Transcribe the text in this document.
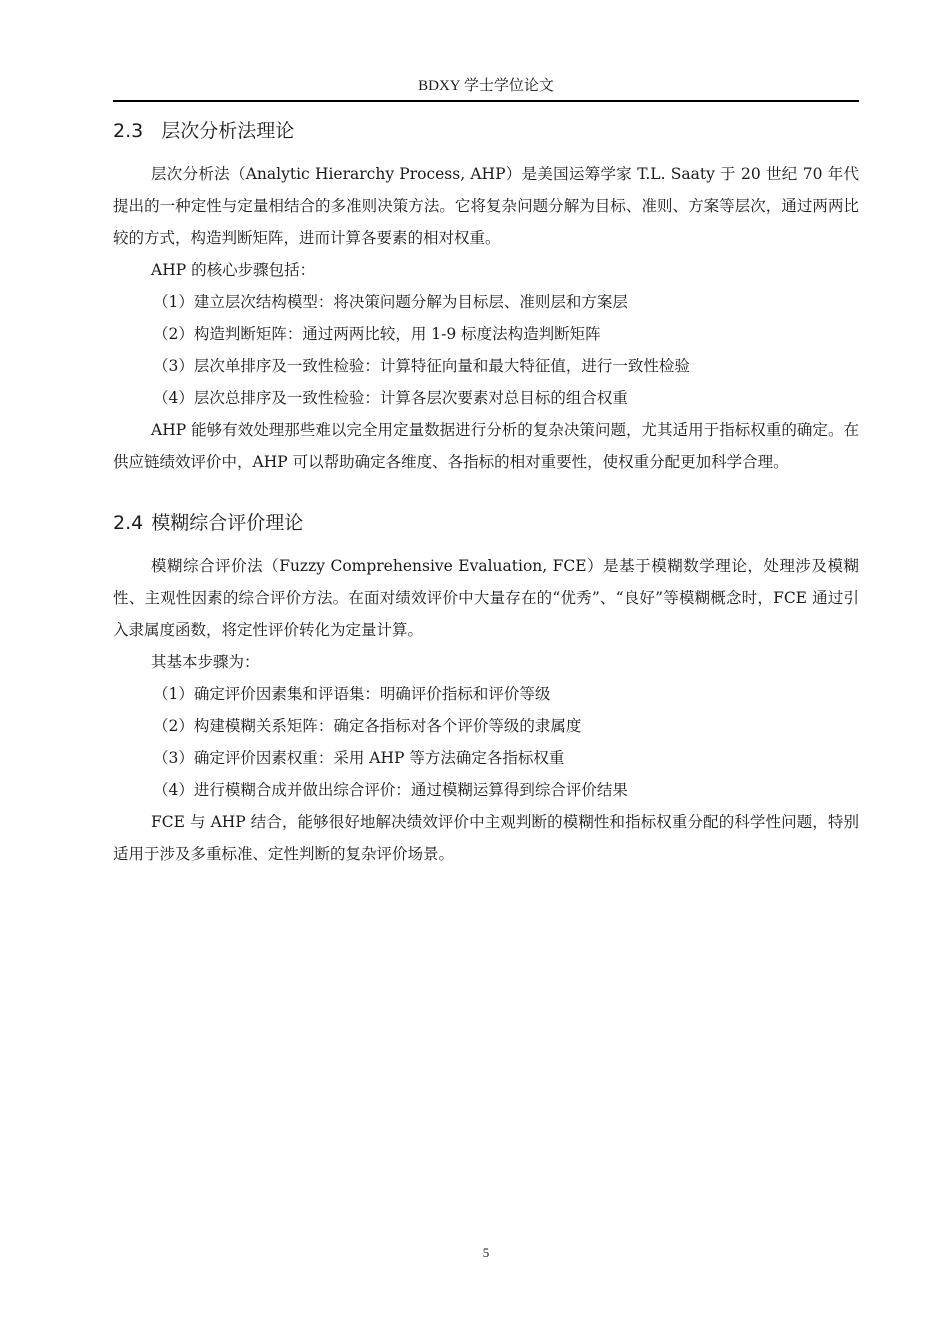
BDXY 学士学位论文
2.3 层次分析法理论

层次分析法（Analytic Hierarchy Process, AHP）是美国运筹学家 T.L. Saaty 于 20 世纪 70 年代提出的一种定性与定量相结合的多准则决策方法。它将复杂问题分解为目标、准则、方案等层次，通过两两比较的方式，构造判断矩阵，进而计算各要素的相对权重。

AHP 的核心步骤包括：

（1）建立层次结构模型：将决策问题分解为目标层、准则层和方案层
（2）构造判断矩阵：通过两两比较，用 1-9 标度法构造判断矩阵
（3）层次单排序及一致性检验：计算特征向量和最大特征值，进行一致性检验
（4）层次总排序及一致性检验：计算各层次要素对总目标的组合权重

AHP 能够有效处理那些难以完全用定量数据进行分析的复杂决策问题，尤其适用于指标权重的确定。在供应链绩效评价中，AHP 可以帮助确定各维度、各指标的相对重要性，使权重分配更加科学合理。

2.4 模糊综合评价理论

模糊综合评价法（Fuzzy Comprehensive Evaluation, FCE）是基于模糊数学理论，处理涉及模糊性、主观性因素的综合评价方法。在面对绩效评价中大量存在的“优秀”、“良好”等模糊概念时，FCE 通过引入隶属度函数，将定性评价转化为定量计算。

其基本步骤为：

（1）确定评价因素集和评语集：明确评价指标和评价等级
（2）构建模糊关系矩阵：确定各指标对各个评价等级的隶属度
（3）确定评价因素权重：采用 AHP 等方法确定各指标权重
（4）进行模糊合成并做出综合评价：通过模糊运算得到综合评价结果

FCE 与 AHP 结合，能够很好地解决绩效评价中主观判断的模糊性和指标权重分配的科学性问题，特别适用于涉及多重标准、定性判断的复杂评价场景。

5
